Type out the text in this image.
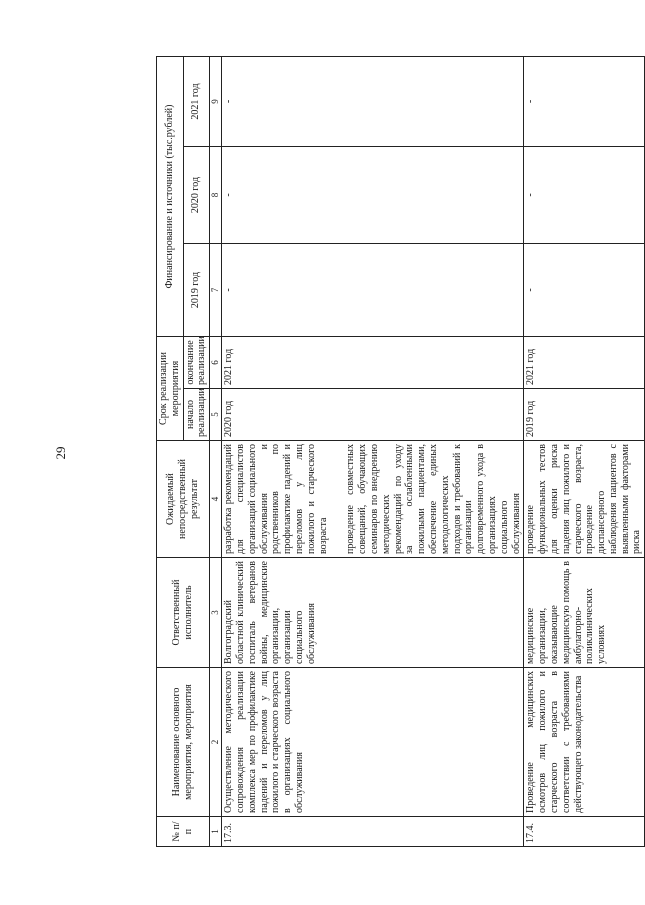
29
№ п/п	Наименование основного мероприятия, мероприятия	Ответственный исполнитель	Ожидаемый непосредственный результат	Срок реализации мероприятия		Финансирование и источники (тыс.рублей)		
				начало реализации	окончание реализации	2019 год	2020 год	2021 год
1	2	3	4	5	6	7	8	9
17.3.	Осуществление методического сопровождения реализации комплекса мер по профилактике падений и переломов у лиц пожилого и старческого возраста в организациях социального обслуживания	Волгоградский областной клинический госпиталь ветеранов войны, медицинские организации, организации социального обслуживания	разработка рекомендаций для специалистов организаций социального обслуживания и родственников по профилактике падений и переломов у лиц пожилого и старческого возраста проведение совместных совещаний, обучающих семинаров по внедрению методических рекомендаций по уходу за ослабленными пожилыми пациентами, обеспечение единых методологических подходов и требований к организации долговременного ухода в организациях социального обслуживания	2020 год	2021 год	-	-	-
17.4.	Проведение медицинских осмотров лиц пожилого и старческого возраста в соответствии с требованиями действующего законодательства	медицинские организации, оказывающие медицинскую помощь в амбулаторно-поликлинических условиях	проведение функциональных тестов для оценки риска падения лиц пожилого и старческого возраста, проведение диспансерного наблюдения пациентов с выявленными факторами риска	2019 год	2021 год	-	-	-
